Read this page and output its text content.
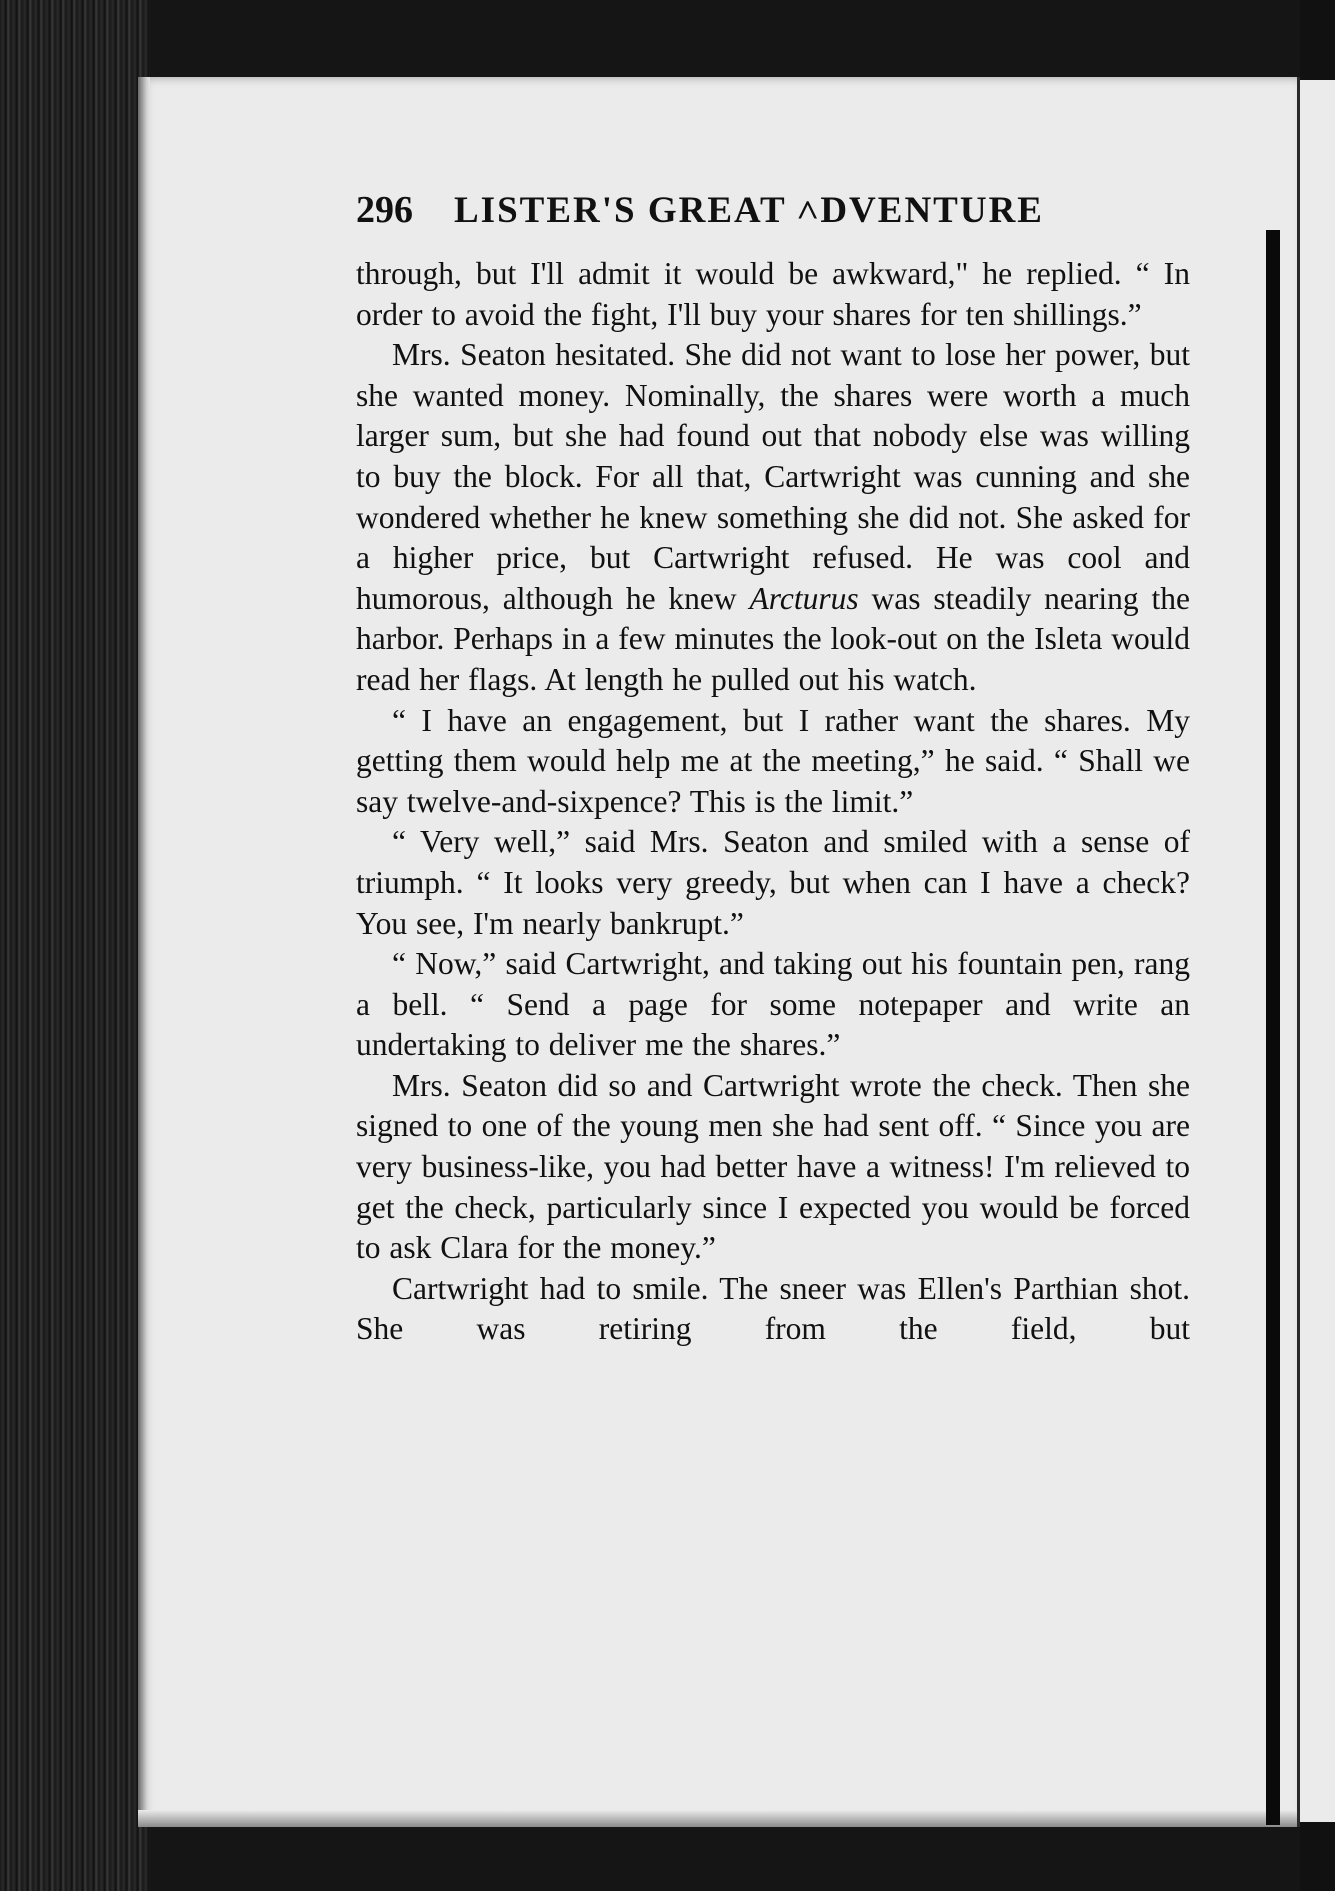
296	LISTER'S GREAT ˄DVENTURE

through, but I'll admit it would be awkward," he replied. “ In order to avoid the fight, I'll buy your shares for ten shillings.”

Mrs. Seaton hesitated. She did not want to lose her power, but she wanted money. Nominally, the shares were worth a much larger sum, but she had found out that nobody else was willing to buy the block. For all that, Cartwright was cunning and she wondered whether he knew something she did not. She asked for a higher price, but Cartwright refused. He was cool and humorous, although he knew Arcturus was steadily nearing the harbor. Perhaps in a few minutes the look-out on the Isleta would read her flags. At length he pulled out his watch.

“ I have an engagement, but I rather want the shares. My getting them would help me at the meeting,” he said. “ Shall we say twelve-and-sixpence? This is the limit.”

“ Very well,” said Mrs. Seaton and smiled with a sense of triumph. “ It looks very greedy, but when can I have a check? You see, I'm nearly bankrupt.”

“ Now,” said Cartwright, and taking out his fountain pen, rang a bell. “ Send a page for some notepaper and write an undertaking to deliver me the shares.”

Mrs. Seaton did so and Cartwright wrote the check. Then she signed to one of the young men she had sent off. “ Since you are very business-like, you had better have a witness! I'm relieved to get the check, particularly since I expected you would be forced to ask Clara for the money.”

Cartwright had to smile. The sneer was Ellen's Parthian shot. She was retiring from the field, but
